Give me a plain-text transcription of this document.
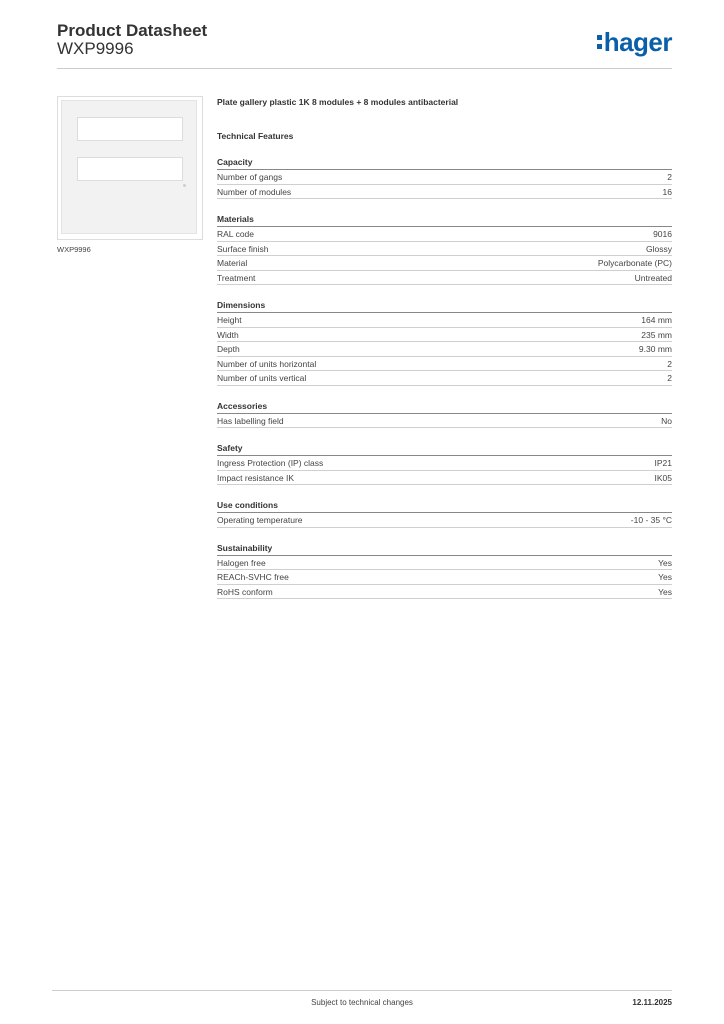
Product Datasheet
WXP9996	hager
WXP9996
Plate gallery plastic 1K 8 modules + 8 modules antibacterial
Technical Features
Capacity
Number of gangs	2
Number of modules	16
Materials
RAL code	9016
Surface finish	Glossy
Material	Polycarbonate (PC)
Treatment	Untreated
Dimensions
Height	164 mm
Width	235 mm
Depth	9.30 mm
Number of units horizontal	2
Number of units vertical	2
Accessories
Has labelling field	No
Safety
Ingress Protection (IP) class	IP21
Impact resistance IK	IK05
Use conditions
Operating temperature	-10 - 35 °C
Sustainability
Halogen free	Yes
REACh-SVHC free	Yes
RoHS conform	Yes
Subject to technical changes	12.11.2025
